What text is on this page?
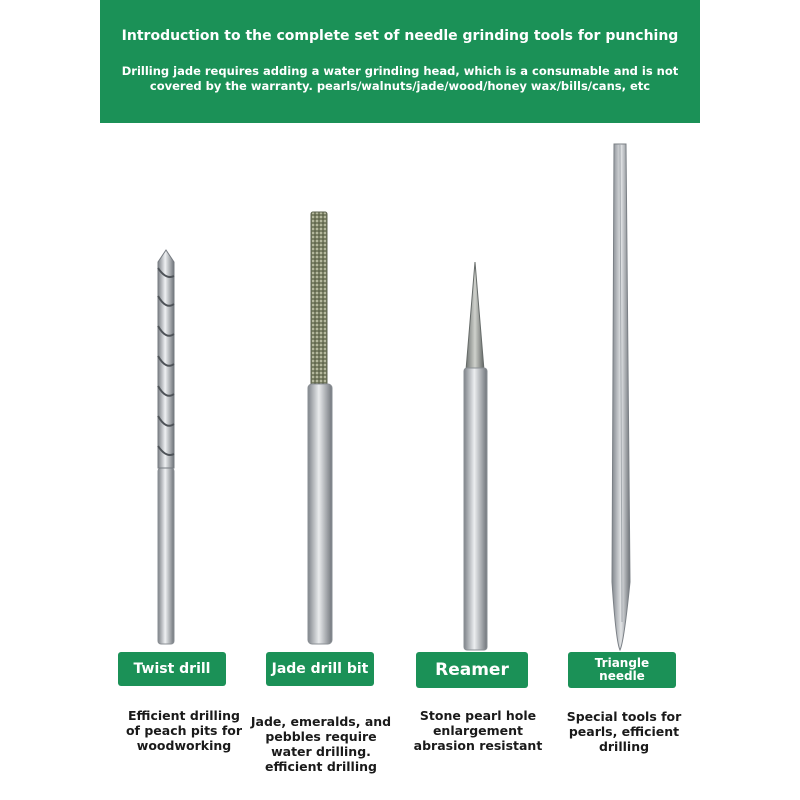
Introduction to the complete set of needle grinding tools for punching
Drilling jade requires adding a water grinding head, which is a consumable and is not covered by the warranty. pearls/walnuts/jade/wood/honey wax/bills/cans, etc
Twist drill	Jade drill bit	Reamer	Triangle needle
Efficient drilling of peach pits for woodworking
Jade, emeralds, and pebbles require water drilling. efficient drilling
Stone pearl hole enlargement abrasion resistant
Special tools for pearls, efficient drilling
